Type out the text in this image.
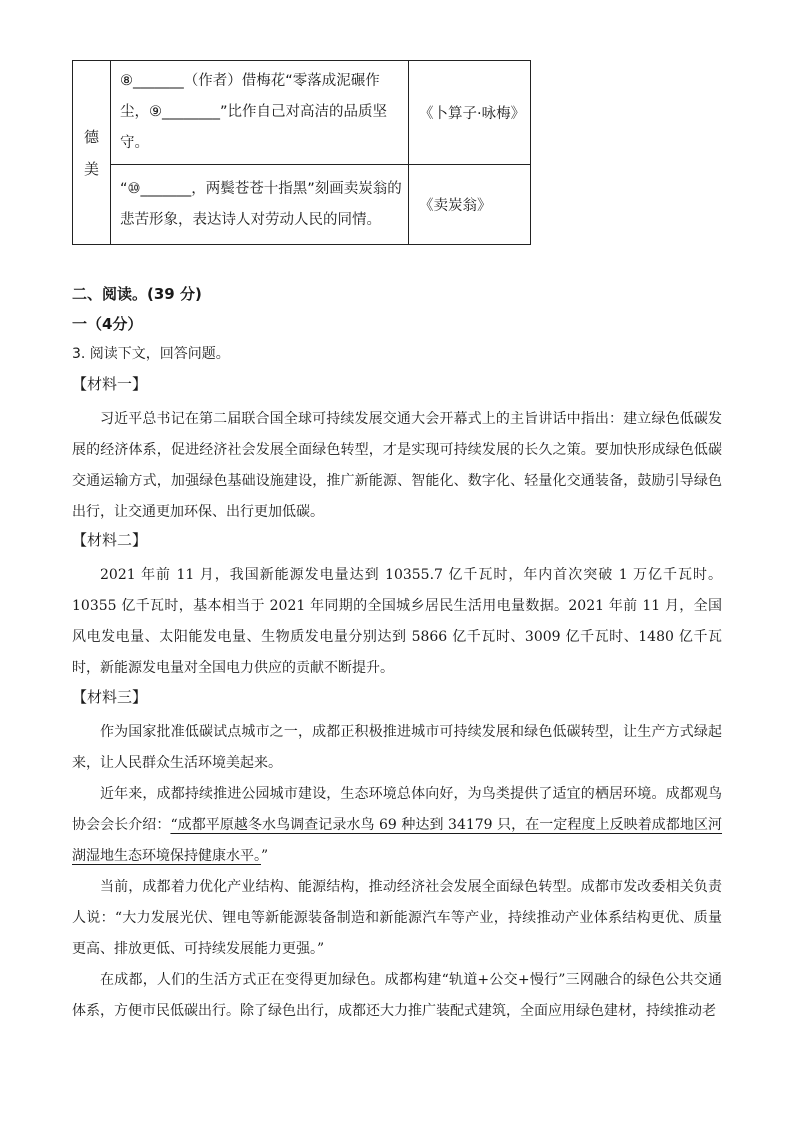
德
美	⑧_______（作者）借梅花“零落成泥碾作尘，⑨________”比作自己对高洁的品质坚守。	《卜算子·咏梅》

	“⑩_______，两鬓苍苍十指黑”刻画卖炭翁的悲苦形象，表达诗人对劳动人民的同情。	《卖炭翁》

二、阅读。(39 分)

一（4分）

3. 阅读下文，回答问题。

【材料一】

习近平总书记在第二届联合国全球可持续发展交通大会开幕式上的主旨讲话中指出：建立绿色低碳发展的经济体系，促进经济社会发展全面绿色转型，才是实现可持续发展的长久之策。要加快形成绿色低碳交通运输方式，加强绿色基础设施建设，推广新能源、智能化、数字化、轻量化交通装备，鼓励引导绿色出行，让交通更加环保、出行更加低碳。

【材料二】

2021 年前 11 月，我国新能源发电量达到 10355.7 亿千瓦时，年内首次突破 1 万亿千瓦时。10355 亿千瓦时，基本相当于 2021 年同期的全国城乡居民生活用电量数据。2021 年前 11 月，全国风电发电量、太阳能发电量、生物质发电量分别达到 5866 亿千瓦时、3009 亿千瓦时、1480 亿千瓦时，新能源发电量对全国电力供应的贡献不断提升。

【材料三】

作为国家批准低碳试点城市之一，成都正积极推进城市可持续发展和绿色低碳转型，让生产方式绿起来，让人民群众生活环境美起来。

近年来，成都持续推进公园城市建设，生态环境总体向好，为鸟类提供了适宜的栖居环境。成都观鸟协会会长介绍：“成都平原越冬水鸟调查记录水鸟 69 种达到 34179 只，在一定程度上反映着成都地区河湖湿地生态环境保持健康水平。”

当前，成都着力优化产业结构、能源结构，推动经济社会发展全面绿色转型。成都市发改委相关负责人说：“大力发展光伏、锂电等新能源装备制造和新能源汽车等产业，持续推动产业体系结构更优、质量更高、排放更低、可持续发展能力更强。”

在成都，人们的生活方式正在变得更加绿色。成都构建“轨道+公交+慢行”三网融合的绿色公共交通体系，方便市民低碳出行。除了绿色出行，成都还大力推广装配式建筑，全面应用绿色建材，持续推动老
